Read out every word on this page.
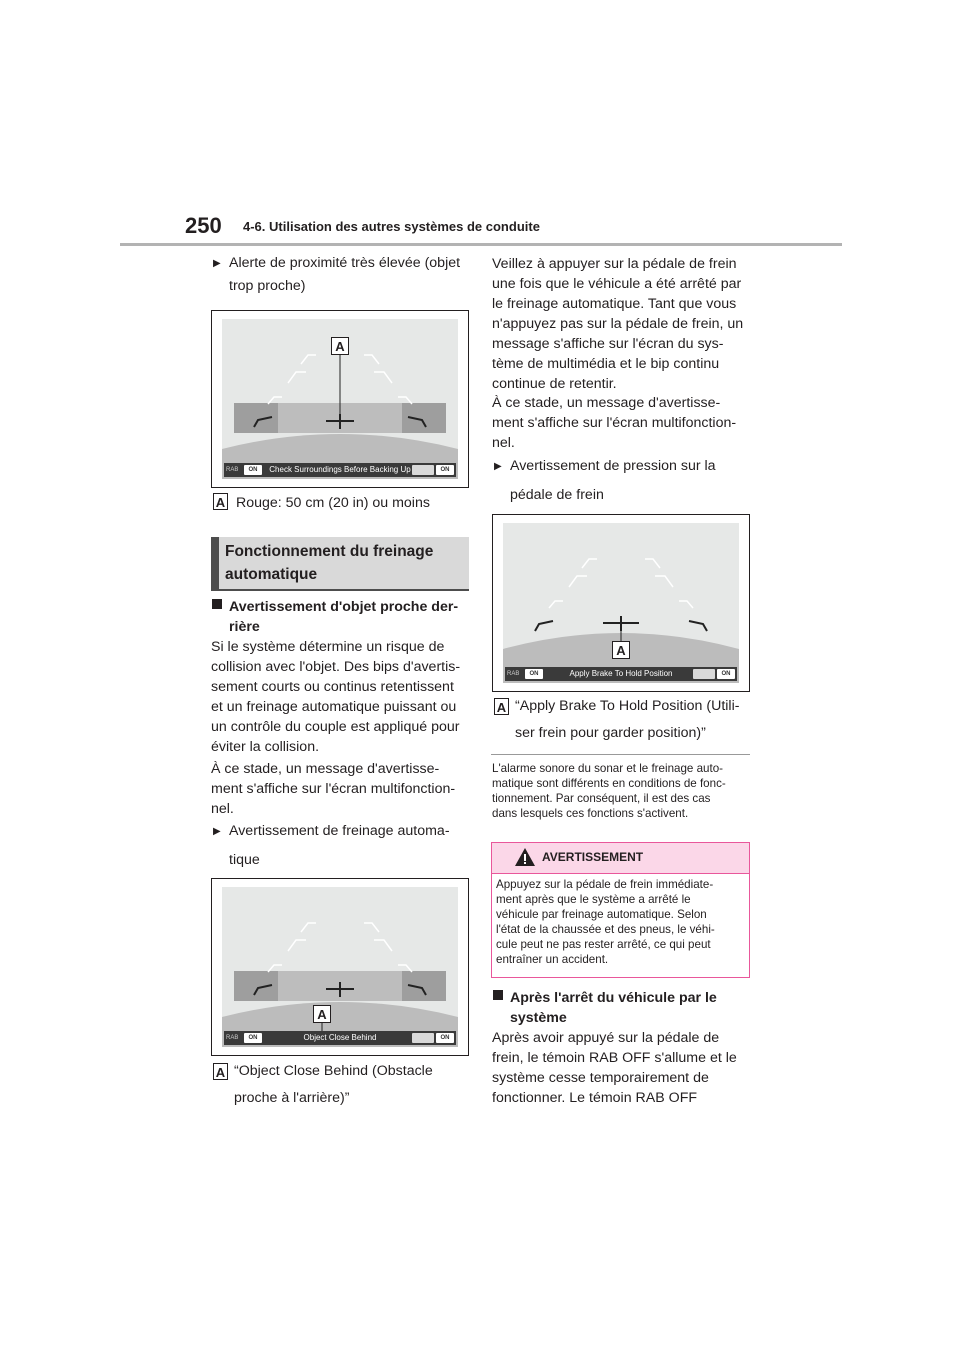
250 4-6. Utilisation des autres systèmes de conduite
▶ Alerte de proximité très élevée (objet
trop proche)
A
RAB	ON	Check Surroundings Before Backing Up	ON
A Rouge: 50 cm (20 in) ou moins
Fonctionnement du freinage
automatique
Avertissement d'objet proche der-
rière
Si le système détermine un risque de
collision avec l'objet. Des bips d'avertis-
sement courts ou continus retentissent
et un freinage automatique puissant ou
un contrôle du couple est appliqué pour
éviter la collision.
À ce stade, un message d'avertisse-
ment s'affiche sur l'écran multifonction-
nel.
▶ Avertissement de freinage automa-
tique
A
RAB	ON	Object Close Behind	ON
A “Object Close Behind (Obstacle
proche à l'arrière)”
Veillez à appuyer sur la pédale de frein
une fois que le véhicule a été arrêté par
le freinage automatique. Tant que vous
n'appuyez pas sur la pédale de frein, un
message s'affiche sur l'écran du sys-
tème de multimédia et le bip continu
continue de retentir.
À ce stade, un message d'avertisse-
ment s'affiche sur l'écran multifonction-
nel.
▶ Avertissement de pression sur la
pédale de frein
A
RAB	ON	Apply Brake To Hold Position	ON
A “Apply Brake To Hold Position (Utili-
ser frein pour garder position)”
L'alarme sonore du sonar et le freinage auto-
matique sont différents en conditions de fonc-
tionnement. Par conséquent, il est des cas
dans lesquels ces fonctions s'activent.
AVERTISSEMENT
Appuyez sur la pédale de frein immédiate-
ment après que le système a arrêté le
véhicule par freinage automatique. Selon
l'état de la chaussée et des pneus, le véhi-
cule peut ne pas rester arrêté, ce qui peut
entraîner un accident.
Après l'arrêt du véhicule par le
système
Après avoir appuyé sur la pédale de
frein, le témoin RAB OFF s'allume et le
système cesse temporairement de
fonctionner. Le témoin RAB OFF
